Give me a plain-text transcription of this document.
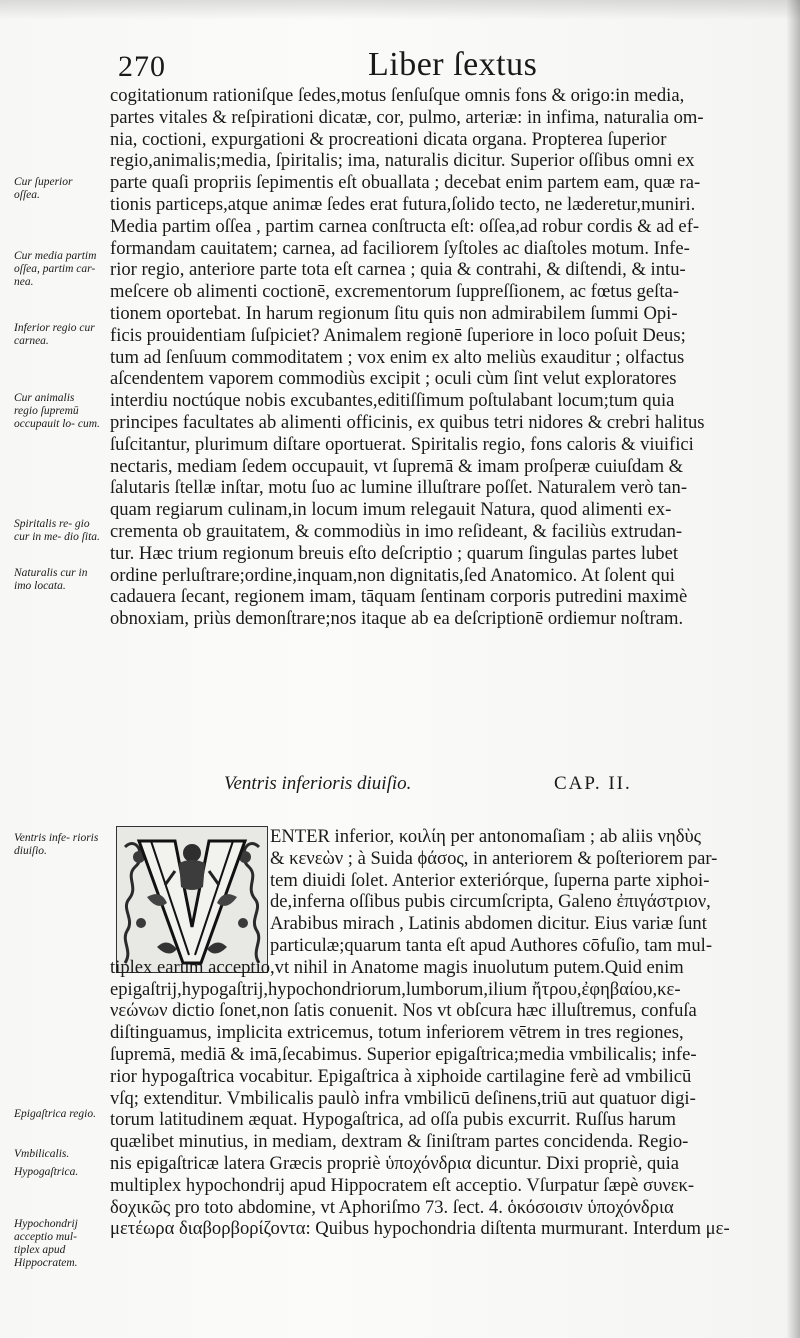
270	Liber ſextus
Cur ſuperior oſſea.
Cur media partim oſſea, partim car- nea.
Inferior regio cur carnea.
Cur animalis regio ſupremū occupauit lo- cum.
Spiritalis re- gio cur in me- dio ſita.
Naturalis cur in imo locata.
Ventris infe- rioris diuiſio.
Epigaſtrica regio.
Vmbilicalis.
Hypogaſtrica.
Hypochondrij acceptio mul- tiplex apud Hippocratem.
cogitationum rationiſque ſedes,motus ſenſuſque omnis fons & origo:in media,
partes vitales & reſpirationi dicatæ, cor, pulmo, arteriæ: in infima, naturalia om-
nia, coctioni, expurgationi & procreationi dicata organa. Propterea ſuperior
regio,animalis;media, ſpiritalis; ima, naturalis dicitur. Superior oſſibus omni ex
parte quaſi propriis ſepimentis eſt obuallata ; decebat enim partem eam, quæ ra-
tionis particeps,atque animæ ſedes erat futura,ſolido tecto, ne læderetur,muniri.
Media partim oſſea , partim carnea conſtructa eſt: oſſea,ad robur cordis & ad ef-
formandam cauitatem; carnea, ad faciliorem ſyſtoles ac diaſtoles motum. Infe-
rior regio, anteriore parte tota eſt carnea ; quia & contrahi, & diſtendi, & intu-
meſcere ob alimenti coctionē, excrementorum ſuppreſſionem, ac fœtus geſta-
tionem oportebat. In harum regionum ſitu quis non admirabilem ſummi Opi-
ficis prouidentiam ſuſpiciet? Animalem regionē ſuperiore in loco poſuit Deus;
tum ad ſenſuum commoditatem ; vox enim ex alto meliùs exauditur ; olfactus
aſcendentem vaporem commodiùs excipit ; oculi cùm ſint velut exploratores
interdiu noctúque nobis excubantes,editiſſimum poſtulabant locum;tum quia
principes facultates ab alimenti officinis, ex quibus tetri nidores & crebri halitus
ſuſcitantur, plurimum diſtare oportuerat. Spiritalis regio, fons caloris & viuifici
nectaris, mediam ſedem occupauit, vt ſupremā & imam proſperæ cuiuſdam &
ſalutaris ſtellæ inſtar, motu ſuo ac lumine illuſtrare poſſet. Naturalem verò tan-
quam regiarum culinam,in locum imum relegauit Natura, quod alimenti ex-
crementa ob grauitatem, & commodiùs in imo reſideant, & faciliùs extrudan-
tur. Hæc trium regionum breuis eſto deſcriptio ; quarum ſingulas partes lubet
ordine perluſtrare;ordine,inquam,non dignitatis,ſed Anatomico. At ſolent qui
cadauera ſecant, regionem imam, tāquam ſentinam corporis putredini maximè
obnoxiam, priùs demonſtrare;nos itaque ab ea deſcriptionē ordiemur noſtram.
Ventris inferioris diuiſio.	CAP. II.
ENTER inferior, κοιλίη per antonomaſiam ; ab aliis νηδὺς
& κενεὼν ; à Suida ϕάσος, in anteriorem & poſteriorem par-
tem diuidi ſolet. Anterior exteriórque, ſuperna parte xiphoi-
de,inferna oſſibus pubis circumſcripta, Galeno ἐπιγάστριον,
Arabibus mirach , Latinis abdomen dicitur. Eius variæ ſunt
particulæ;quarum tanta eſt apud Authores cōfuſio, tam mul-
tiplex earum acceptio,vt nihil in Anatome magis inuolutum putem.Quid enim
epigaſtrij,hypogaſtrij,hypochondriorum,lumborum,ilium ἤτρου,ἐφηβαίου,κε-
νεώνων dictio ſonet,non ſatis conuenit. Nos vt obſcura hæc illuſtremus, confuſa
diſtinguamus, implicita extricemus, totum inferiorem vētrem in tres regiones,
ſupremā, mediā & imā,ſecabimus. Superior epigaſtrica;media vmbilicalis; infe-
rior hypogaſtrica vocabitur. Epigaſtrica à xiphoide cartilagine ferè ad vmbilicū
vſq; extenditur. Vmbilicalis paulò infra vmbilicū deſinens,triū aut quatuor digi-
torum latitudinem æquat. Hypogaſtrica, ad oſſa pubis excurrit. Ruſſus harum
quælibet minutius, in mediam, dextram & ſiniſtram partes concidenda. Regio-
nis epigaſtricæ latera Græcis propriè ὑποχόνδρια dicuntur. Dixi propriè, quia
multiplex hypochondrij apud Hippocratem eſt acceptio. Vſurpatur ſæpè συνεκ-
δοχικῶς pro toto abdomine, vt Aphoriſmo 73. ſect. 4. ὁκόσοισιν ὑποχόνδρια
μετέωρα διαβορβορίζοντα: Quibus hypochondria diſtenta murmurant. Interdum με-
